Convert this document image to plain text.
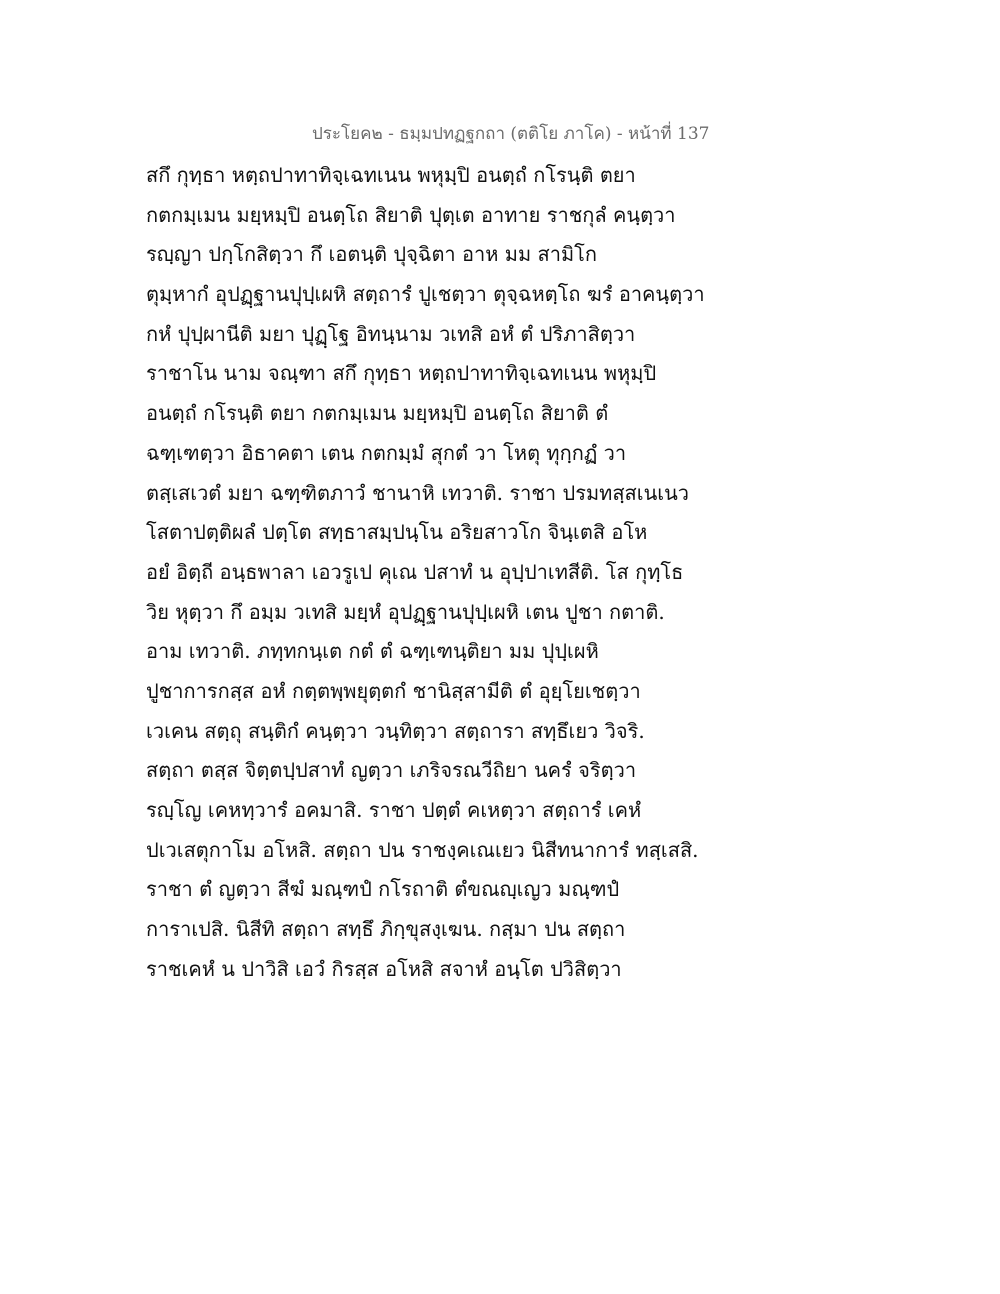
ประโยค๒ - ธมฺมปทฏฐกถา (ตติโย ภาโค) - หน้าที่ 137
สกึ กุทฺธา หตฺถปาทาทิจฺเฉทเนน พหุมฺปิ อนตฺถํ กโรนฺติ ตยา
กตกมฺเมน มยฺหมฺปิ อนตฺโถ สิยาติ ปุตฺเต อาทาย ราชกุลํ คนฺตฺวา
รญฺญา ปกฺโกสิตฺวา กึ เอตนฺติ ปุจฺฉิตา อาห มม สามิโก
ตุมฺหากํ อุปฏฺฐานปุปฺเผหิ สตฺถารํ ปูเชตฺวา ตุจฺฉหตฺโถ ฆรํ อาคนฺตฺวา
กหํ ปุปฺผานีติ มยา ปุฏฺโฐ อิทนฺนาม วเทสิ อหํ ตํ ปริภาสิตฺวา
ราชาโน นาม จณฺฑา สกึ กุทฺธา หตฺถปาทาทิจฺเฉทเนน พหุมฺปิ
อนตฺถํ กโรนฺติ ตยา กตกมฺเมน มยฺหมฺปิ อนตฺโถ สิยาติ ตํ
ฉฑฺเฑตฺวา อิธาคตา เตน กตกมฺมํ สุกตํ วา โหตุ ทุกฺกฏํ วา
ตสฺเสเวตํ มยา ฉฑฺฑิตภาวํ ชานาหิ เทวาติ. ราชา ปรมทสฺสเนเนว
โสตาปตฺติผลํ ปตฺโต สทฺธาสมฺปนฺโน อริยสาวโก จินฺเตสิ อโห
อยํ อิตฺถี อนฺธพาลา เอวรูเป คุเณ ปสาทํ น อุปฺปาเทสีติ. โส กุทฺโธ
วิย หุตฺวา กึ อมฺม วเทสิ มยฺหํ อุปฏฺฐานปุปฺเผหิ เตน ปูชา กตาติ.
อาม เทวาติ. ภทฺทกนฺเต กตํ ตํ ฉฑฺเฑนฺติยา มม ปุปฺเผหิ
ปูชาการกสฺส อหํ กตฺตพฺพยุตฺตกํ ชานิสฺสามีติ ตํ อุยฺโยเชตฺวา
เวเคน สตฺถุ สนฺติกํ คนฺตฺวา วนฺทิตฺวา สตฺถารา สทฺธึเยว วิจริ.
สตฺถา ตสฺส จิตฺตปฺปสาทํ ญตฺวา เภริจรณวีถิยา นครํ จริตฺวา
รญฺโญ เคหทฺวารํ อคมาสิ. ราชา ปตฺตํ คเหตฺวา สตฺถารํ เคหํ
ปเวเสตุกาโม อโหสิ. สตฺถา ปน ราชงฺคเณเยว นิสีทนาการํ ทสฺเสสิ.
ราชา ตํ ญตฺวา สีฆํ มณฺฑปํ กโรถาติ ตํขณญฺเญว มณฺฑปํ
การาเปสิ. นิสีทิ สตฺถา สทฺธึ ภิกฺขุสงฺเฆน. กสฺมา ปน สตฺถา
ราชเคหํ น ปาวิสิ เอวํ กิรสฺส อโหสิ สจาหํ อนฺโต ปวิสิตฺวา
